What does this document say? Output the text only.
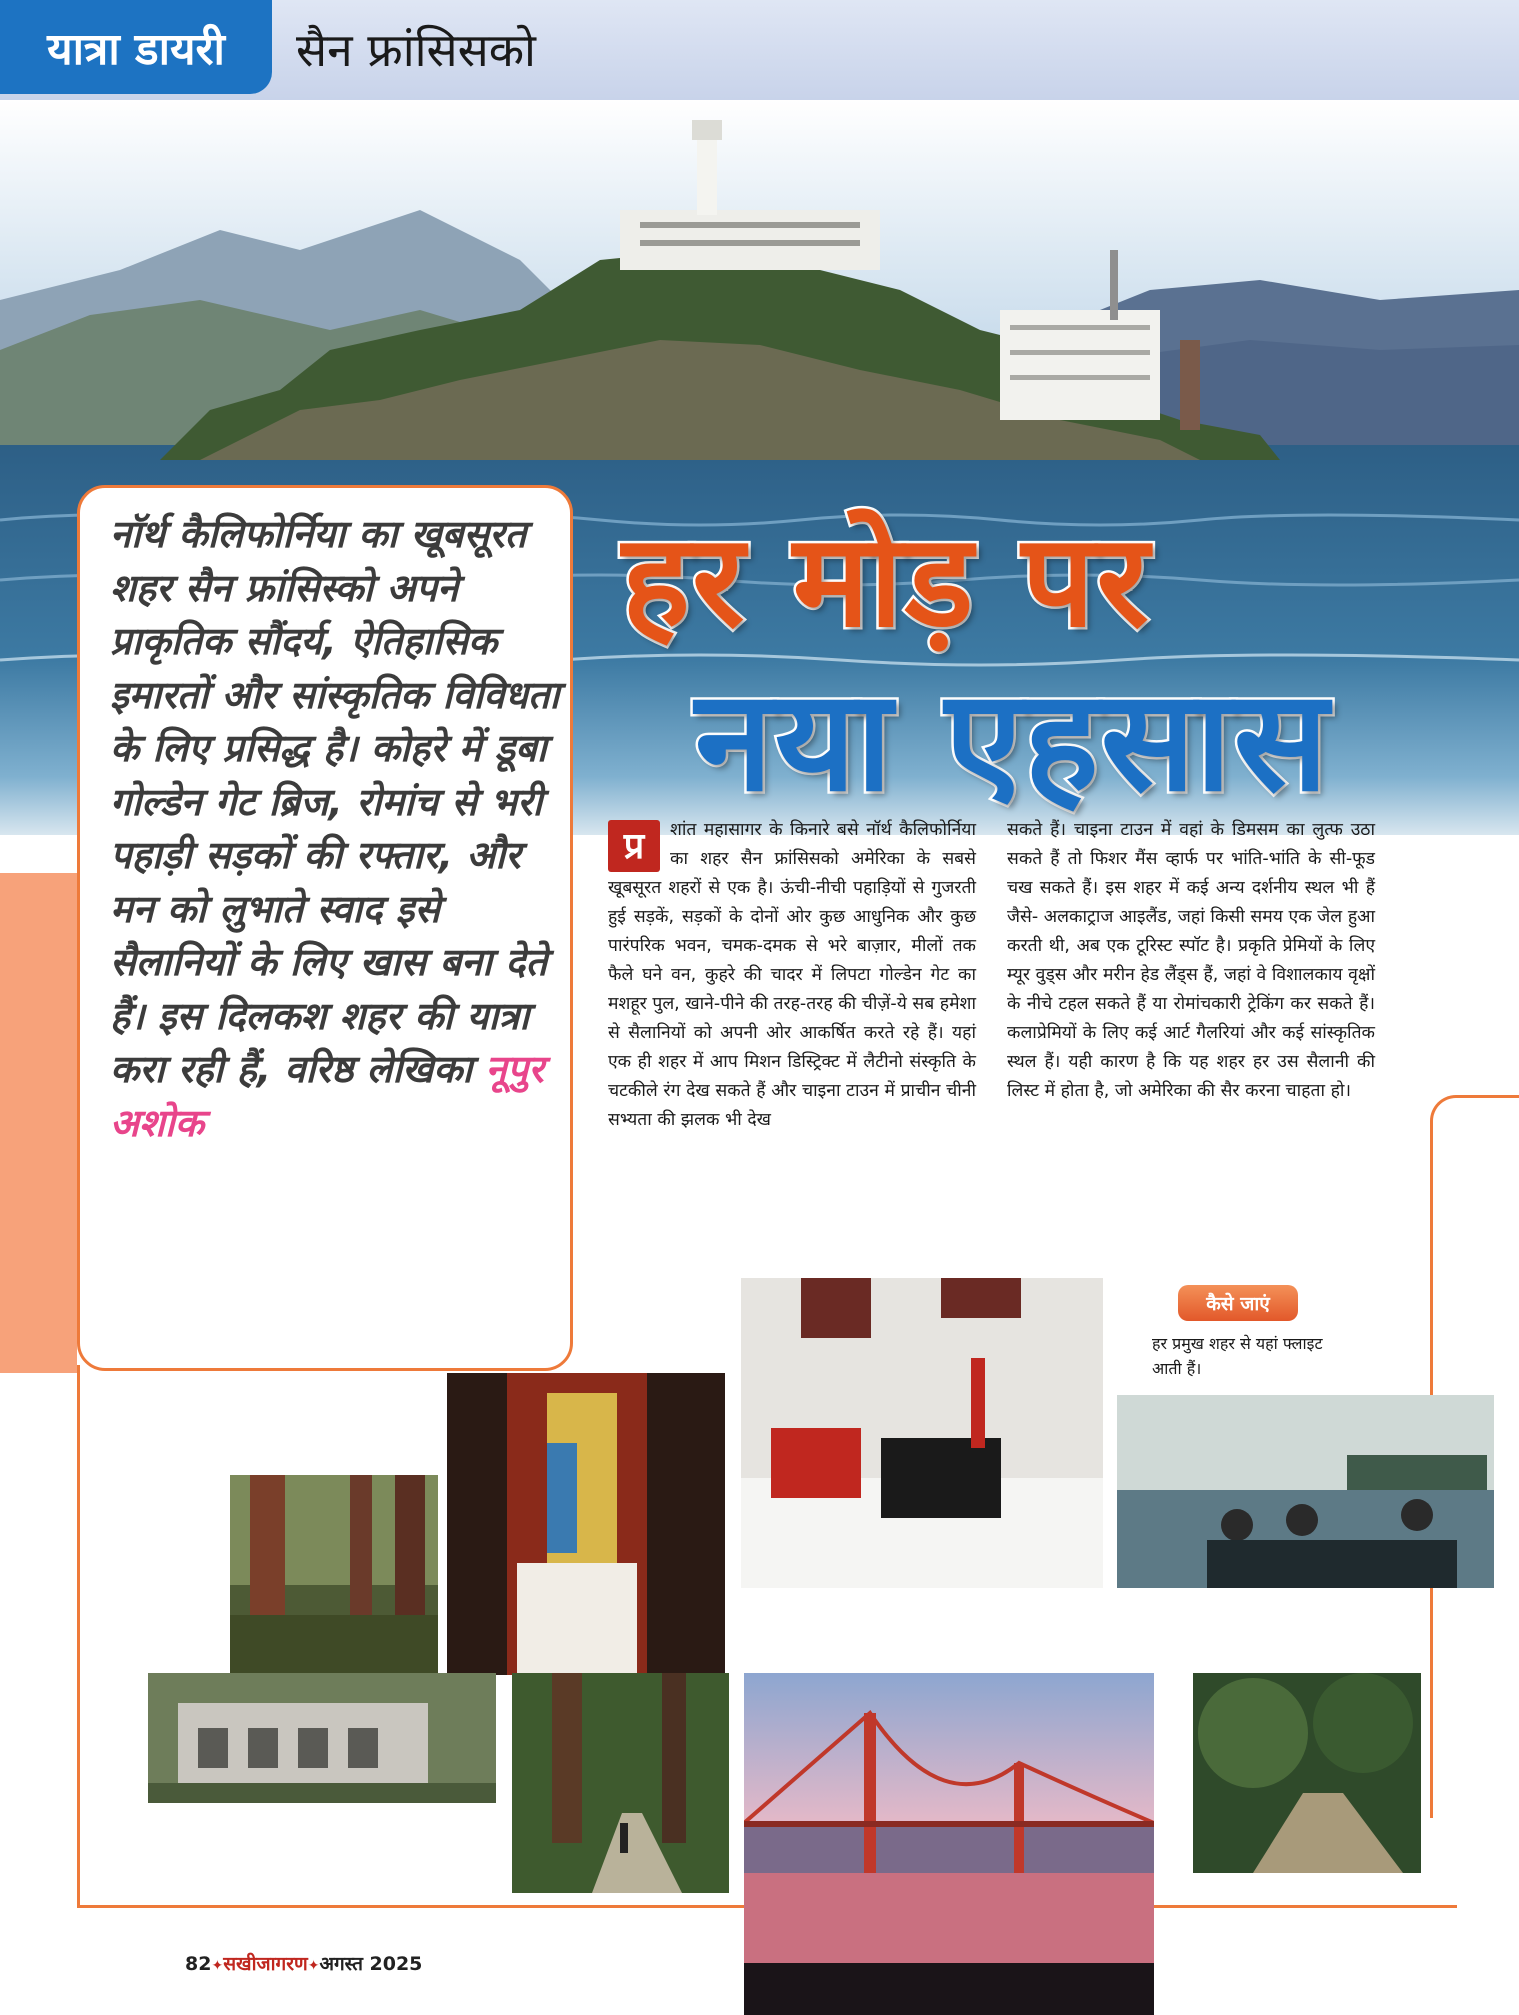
यात्रा डायरी	सैन फ्रांसिसको
हर मोड़ पर
नया एहसास
नॉर्थ कैलिफोर्निया का खूबसूरत शहर सैन फ्रांसिस्को अपने प्राकृतिक सौंदर्य, ऐतिहासिक इमारतों और सांस्कृतिक विविधता के लिए प्रसिद्ध है। कोहरे में डूबा गोल्डेन गेट ब्रिज, रोमांच से भरी पहाड़ी सड़कों की रफ्तार, और मन को लुभाते स्वाद इसे सैलानियों के लिए खास बना देते हैं। इस दिलकश शहर की यात्रा करा रही हैं, वरिष्ठ लेखिका नूपुर अशोक
प्र	शांत महासागर के किनारे बसे नॉर्थ कैलिफोर्निया का शहर सैन फ्रांसिसको अमेरिका के सबसे खूबसूरत शहरों से एक है। ऊंची-नीची पहाड़ियों से गुजरती हुई सड़कें, सड़कों के दोनों ओर कुछ आधुनिक और कुछ पारंपरिक भवन, चमक-दमक से भरे बाज़ार, मीलों तक फैले घने वन, कुहरे की चादर में लिपटा गोल्डेन गेट का मशहूर पुल, खाने-पीने की तरह-तरह की चीज़ें-ये सब हमेशा से सैलानियों को अपनी ओर आकर्षित करते रहे हैं। यहां एक ही शहर में आप मिशन डिस्ट्रिक्ट में लैटीनो संस्कृति के चटकीले रंग देख सकते हैं और चाइना टाउन में प्राचीन चीनी सभ्यता की झलक भी देख
सकते हैं। चाइना टाउन में वहां के डिमसम का लुत्फ उठा सकते हैं तो फिशर मैंस व्हार्फ पर भांति-भांति के सी-फूड चख सकते हैं। इस शहर में कई अन्य दर्शनीय स्थल भी हैं जैसे- अलकाट्राज आइलैंड, जहां किसी समय एक जेल हुआ करती थी, अब एक टूरिस्ट स्पॉट है। प्रकृति प्रेमियों के लिए म्यूर वुड्स और मरीन हेड लैंड्स हैं, जहां वे विशालकाय वृक्षों के नीचे टहल सकते हैं या रोमांचकारी ट्रेकिंग कर सकते हैं। कलाप्रेमियों के लिए कई आर्ट गैलरियां और कई सांस्कृतिक स्थल हैं। यही कारण है कि यह शहर हर उस सैलानी की लिस्ट में होता है, जो अमेरिका की सैर करना चाहता हो।
कैसे जाएं
हर प्रमुख शहर से यहां फ्लाइट आती हैं।
82✦सखीजागरण✦अगस्त 2025
